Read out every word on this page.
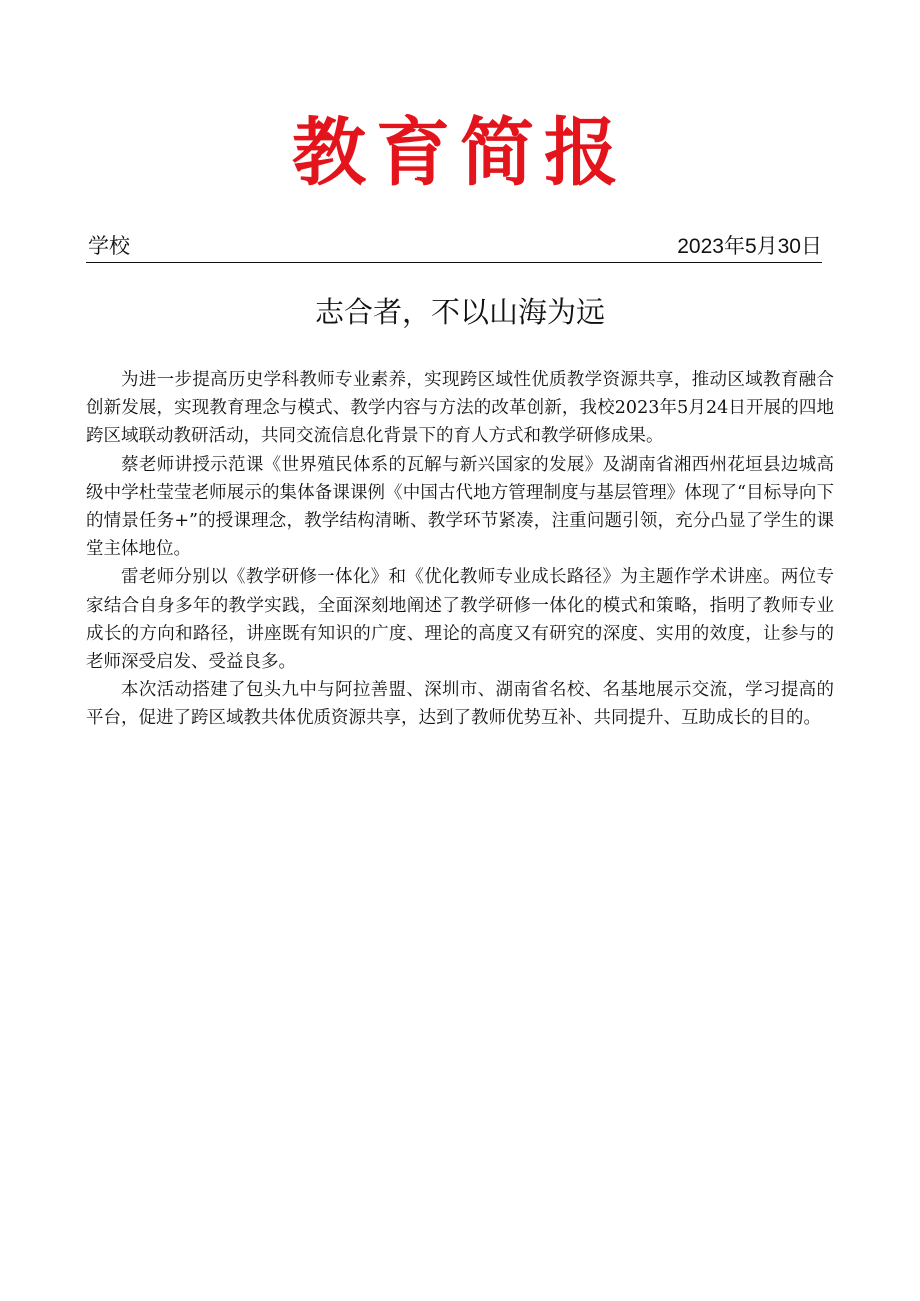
教育简报
学校	2023年5月30日
志合者，不以山海为远

为进一步提高历史学科教师专业素养，实现跨区域性优质教学资源共享，推动区域教育融合创新发展，实现教育理念与模式、教学内容与方法的改革创新，我校2023年5月24日开展的四地跨区域联动教研活动，共同交流信息化背景下的育人方式和教学研修成果。

蔡老师讲授示范课《世界殖民体系的瓦解与新兴国家的发展》及湖南省湘西州花垣县边城高级中学杜莹莹老师展示的集体备课课例《中国古代地方管理制度与基层管理》体现了“目标导向下的情景任务+”的授课理念，教学结构清晰、教学环节紧凑，注重问题引领，充分凸显了学生的课堂主体地位。

雷老师分别以《教学研修一体化》和《优化教师专业成长路径》为主题作学术讲座。两位专家结合自身多年的教学实践，全面深刻地阐述了教学研修一体化的模式和策略，指明了教师专业成长的方向和路径，讲座既有知识的广度、理论的高度又有研究的深度、实用的效度，让参与的老师深受启发、受益良多。

本次活动搭建了包头九中与阿拉善盟、深圳市、湖南省名校、名基地展示交流，学习提高的平台，促进了跨区域教共体优质资源共享，达到了教师优势互补、共同提升、互助成长的目的。
